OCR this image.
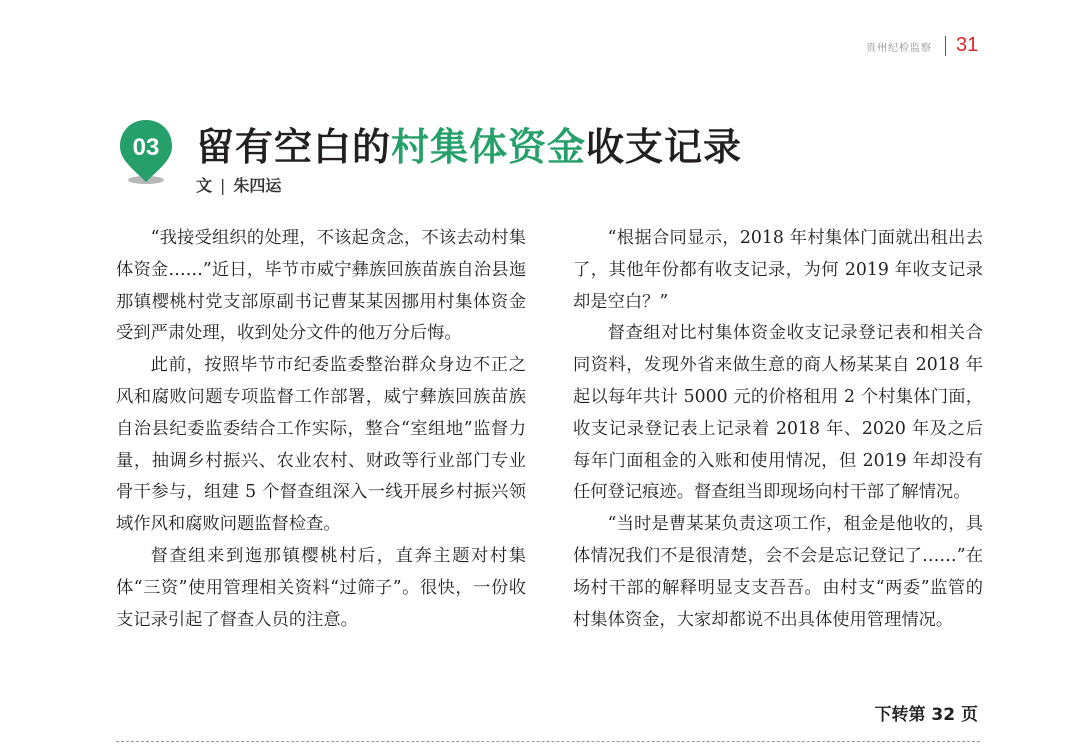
贵州纪检监察 31
03 留有空白的村集体资金收支记录
文 | 朱四运

“我接受组织的处理，不该起贪念，不该去动村集体资金……”近日，毕节市威宁彝族回族苗族自治县迤那镇樱桃村党支部原副书记曹某某因挪用村集体资金受到严肃处理，收到处分文件的他万分后悔。

此前，按照毕节市纪委监委整治群众身边不正之风和腐败问题专项监督工作部署，威宁彝族回族苗族自治县纪委监委结合工作实际，整合“室组地”监督力量，抽调乡村振兴、农业农村、财政等行业部门专业骨干参与，组建 5 个督查组深入一线开展乡村振兴领域作风和腐败问题监督检查。

督查组来到迤那镇樱桃村后，直奔主题对村集体“三资”使用管理相关资料“过筛子”。很快，一份收支记录引起了督查人员的注意。

“根据合同显示，2018 年村集体门面就出租出去了，其他年份都有收支记录，为何 2019 年收支记录却是空白？”

督查组对比村集体资金收支记录登记表和相关合同资料，发现外省来做生意的商人杨某某自 2018 年起以每年共计 5000 元的价格租用 2 个村集体门面，收支记录登记表上记录着 2018 年、2020 年及之后每年门面租金的入账和使用情况，但 2019 年却没有任何登记痕迹。督查组当即现场向村干部了解情况。

“当时是曹某某负责这项工作，租金是他收的，具体情况我们不是很清楚，会不会是忘记登记了……”在场村干部的解释明显支支吾吾。由村支“两委”监管的村集体资金，大家却都说不出具体使用管理情况。

下转第 32 页
